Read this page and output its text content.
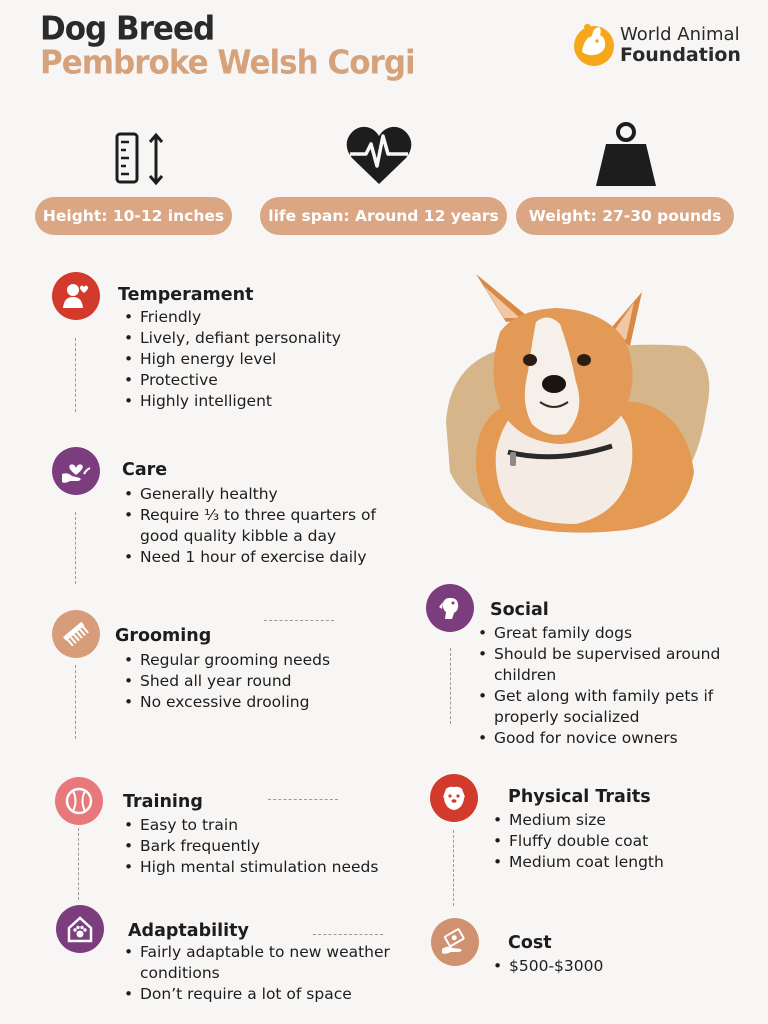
Dog Breed
Pembroke Welsh Corgi
World Animal
Foundation
Height: 10-12 inches	life span: Around 12 years	Weight: 27-30 pounds
Temperament
• Friendly
• Lively, defiant personality
• High energy level
• Protective
• Highly intelligent
Care
• Generally healthy
• Require ⅓ to three quarters of good quality kibble a day
• Need 1 hour of exercise daily
Grooming
• Regular grooming needs
• Shed all year round
• No excessive drooling
Training
• Easy to train
• Bark frequently
• High mental stimulation needs
Adaptability
• Fairly adaptable to new weather conditions
• Don’t require a lot of space
Social
• Great family dogs
• Should be supervised around children
• Get along with family pets if properly socialized
• Good for novice owners
Physical Traits
• Medium size
• Fluffy double coat
• Medium coat length
Cost
• $500-$3000
